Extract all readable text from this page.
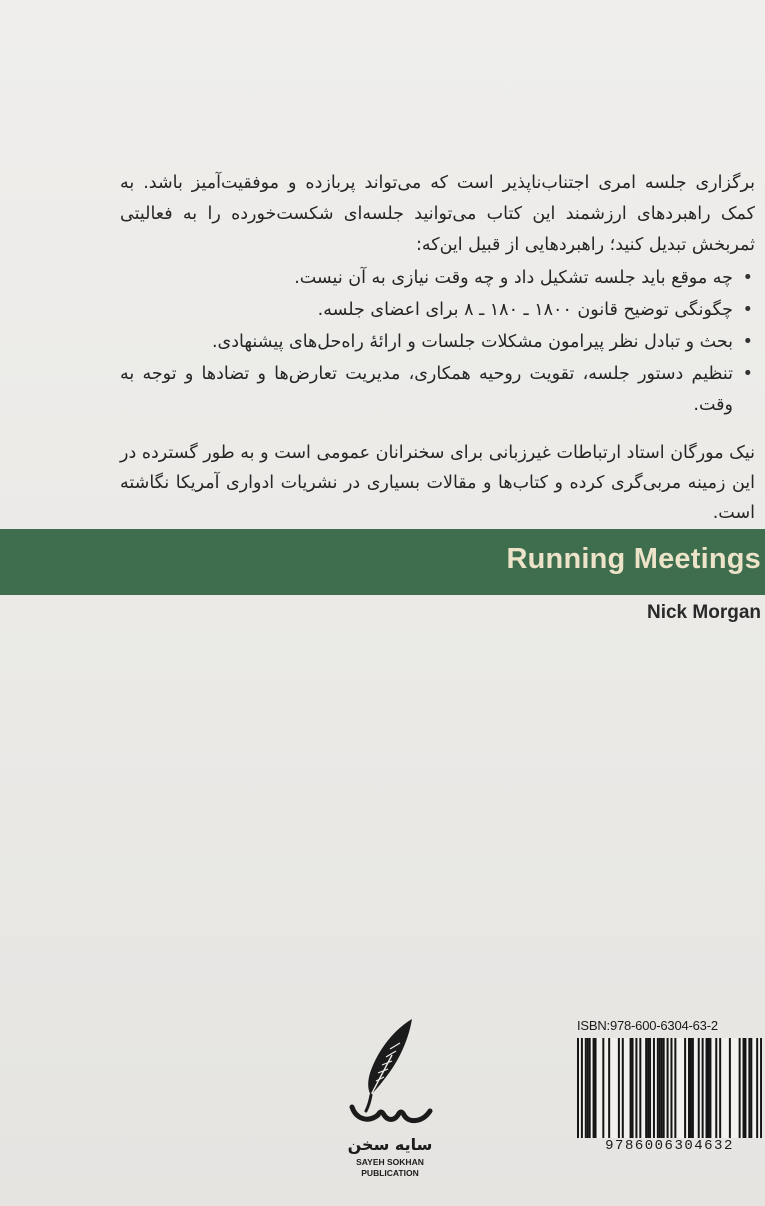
برگزاری جلسه امری اجتناب‌ناپذیر است که می‌تواند پربازده و موفقیت‌آمیز باشد. به کمک راهبردهای ارزشمند این کتاب می‌توانید جلسه‌ای شکست‌خورده را به فعالیتی ثمربخش تبدیل کنید؛ راهبردهایی از قبیل این‌که:

• چه موقع باید جلسه تشکیل داد و چه وقت نیازی به آن نیست.
• چگونگی توضیح قانون ۱۸۰۰ ـ ۱۸۰ ـ ۸ برای اعضای جلسه.
• بحث و تبادل نظر پیرامون مشکلات جلسات و ارائهٔ راه‌حل‌های پیشنهادی.
• تنظیم دستور جلسه، تقویت روحیه همکاری، مدیریت تعارض‌ها و تضادها و توجه به وقت.

نیک مورگان استاد ارتباطات غیرزبانی برای سخنرانان عمومی است و به طور گسترده در این زمینه مربی‌گری کرده و کتاب‌ها و مقالات بسیاری در نشریات ادواری آمریکا نگاشته است.

Running Meetings
Nick Morgan
سایه سخن
SAYEH SOKHAN
PUBLICATION
ISBN:978-600-6304-63-2
9786006304632
